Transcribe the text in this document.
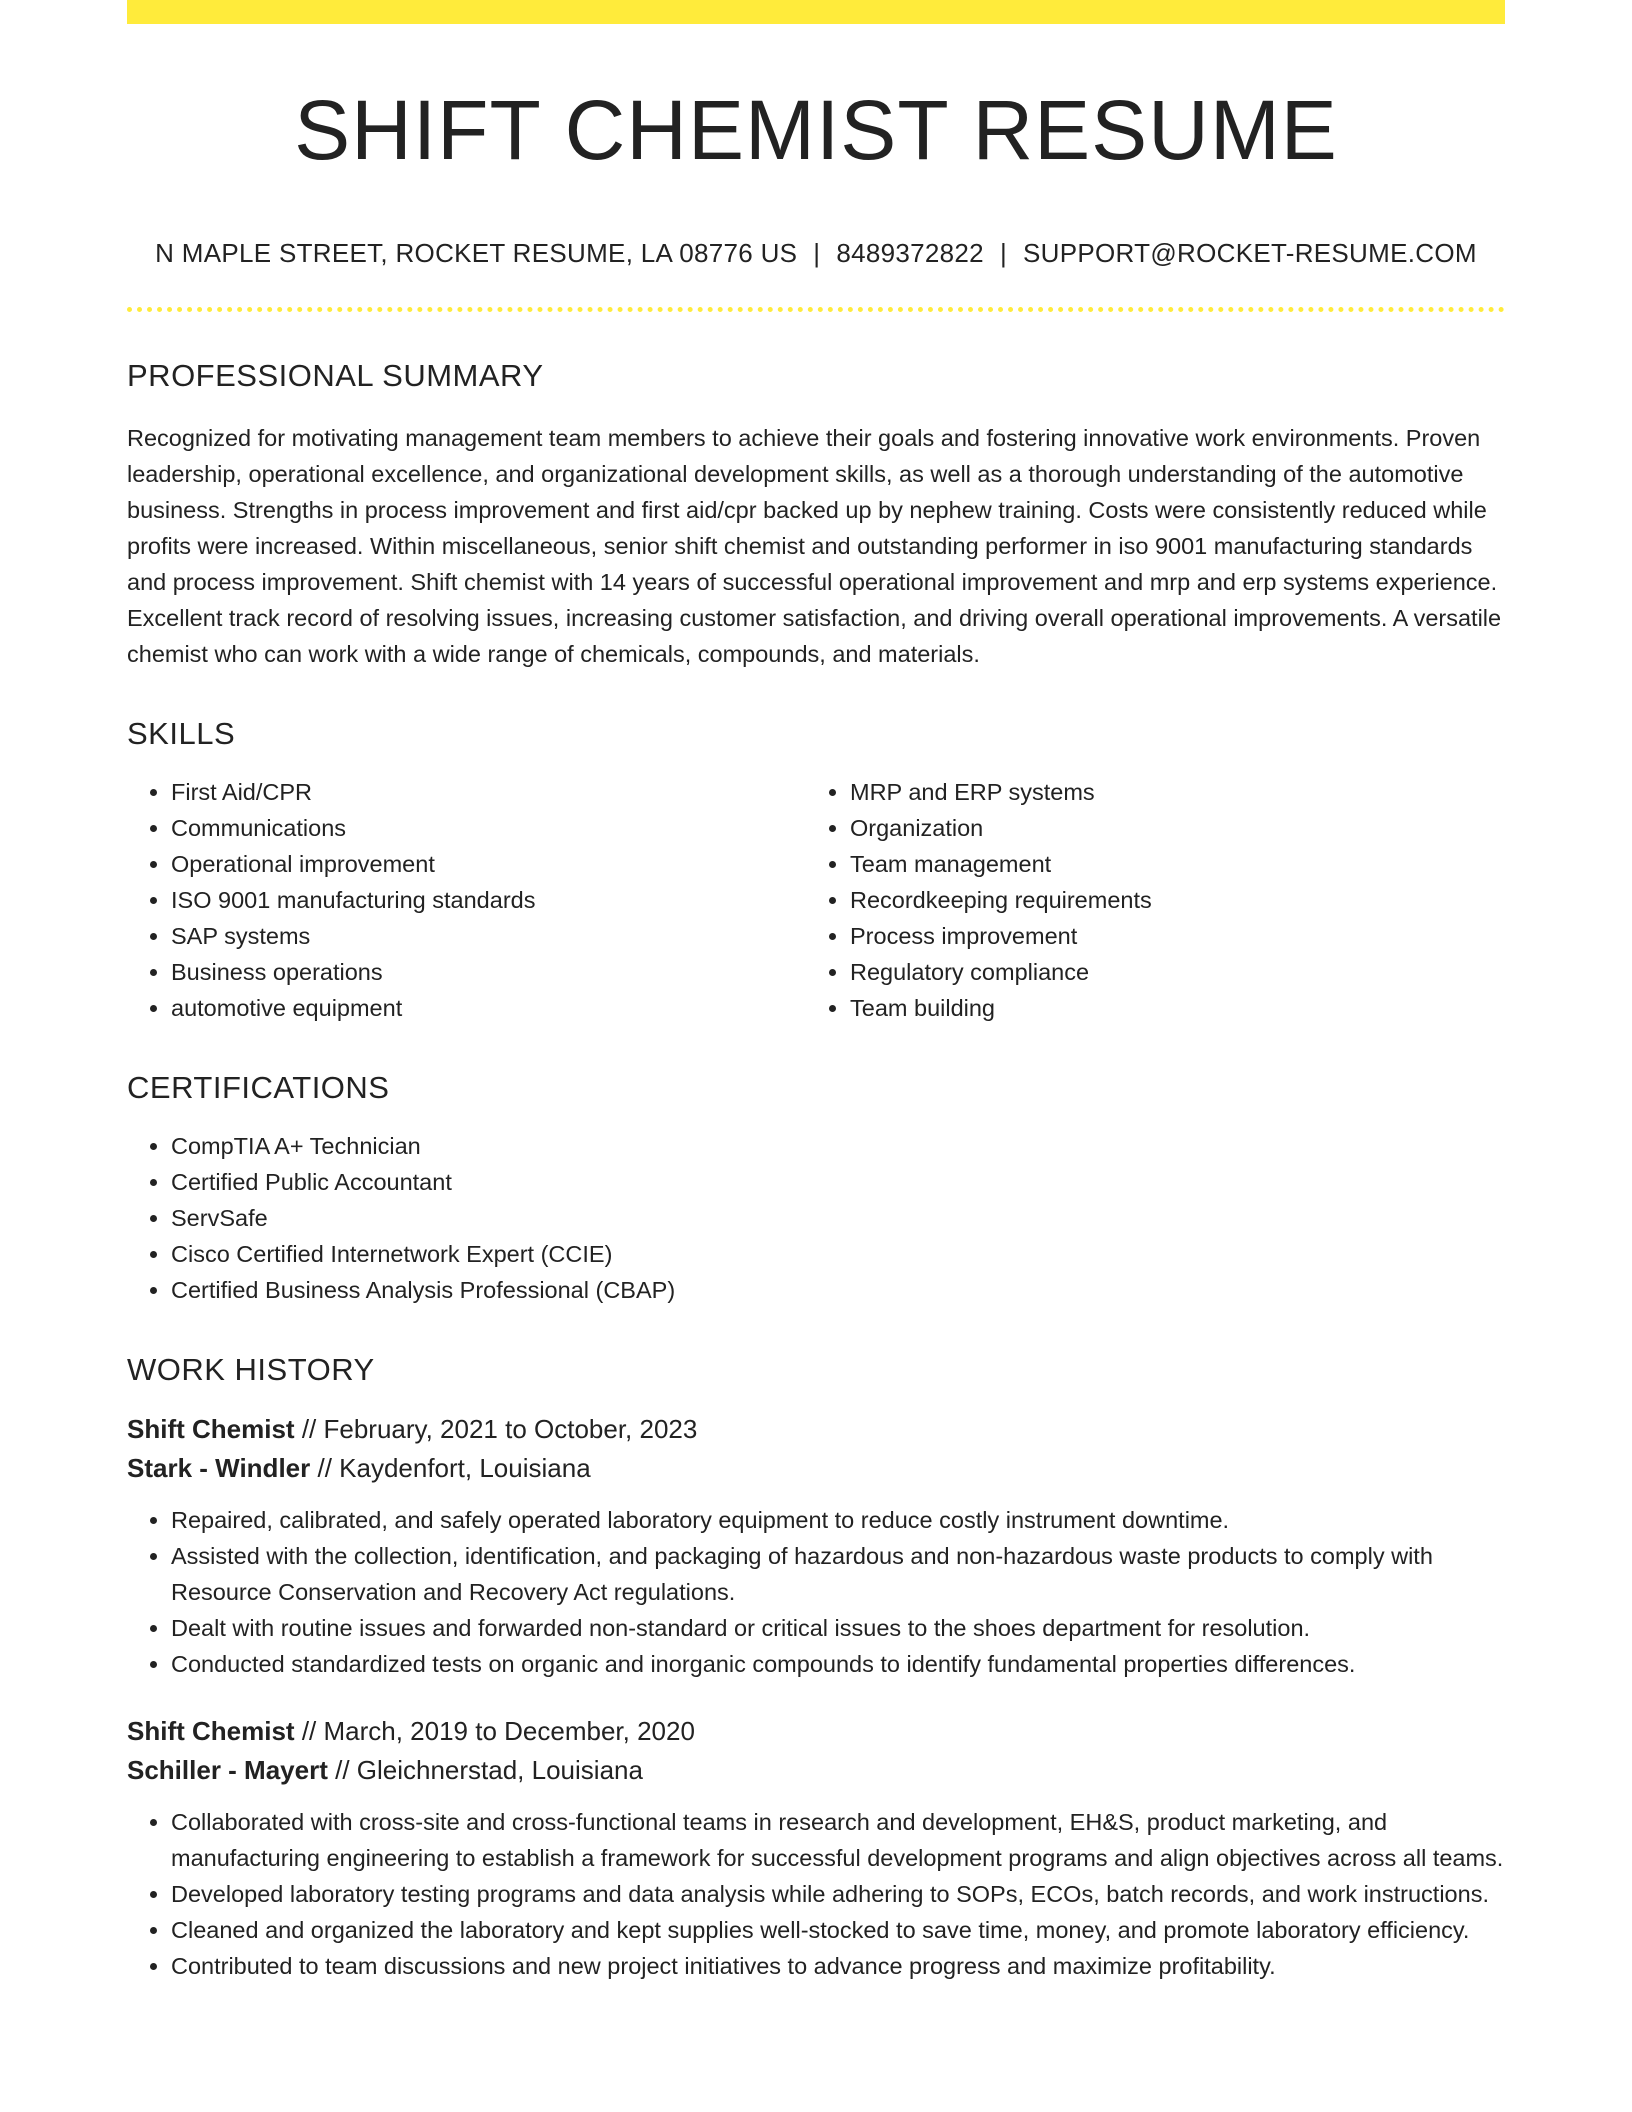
SHIFT CHEMIST RESUME
N MAPLE STREET, ROCKET RESUME, LA 08776 US | 8489372822 | SUPPORT@ROCKET-RESUME.COM
PROFESSIONAL SUMMARY
Recognized for motivating management team members to achieve their goals and fostering innovative work environments. Proven leadership, operational excellence, and organizational development skills, as well as a thorough understanding of the automotive business. Strengths in process improvement and first aid/cpr backed up by nephew training. Costs were consistently reduced while profits were increased. Within miscellaneous, senior shift chemist and outstanding performer in iso 9001 manufacturing standards and process improvement. Shift chemist with 14 years of successful operational improvement and mrp and erp systems experience. Excellent track record of resolving issues, increasing customer satisfaction, and driving overall operational improvements. A versatile chemist who can work with a wide range of chemicals, compounds, and materials.
SKILLS
• First Aid/CPR
• Communications
• Operational improvement
• ISO 9001 manufacturing standards
• SAP systems
• Business operations
• automotive equipment
• MRP and ERP systems
• Organization
• Team management
• Recordkeeping requirements
• Process improvement
• Regulatory compliance
• Team building
CERTIFICATIONS
• CompTIA A+ Technician
• Certified Public Accountant
• ServSafe
• Cisco Certified Internetwork Expert (CCIE)
• Certified Business Analysis Professional (CBAP)
WORK HISTORY
Shift Chemist // February, 2021 to October, 2023
Stark - Windler // Kaydenfort, Louisiana
• Repaired, calibrated, and safely operated laboratory equipment to reduce costly instrument downtime.
• Assisted with the collection, identification, and packaging of hazardous and non-hazardous waste products to comply with Resource Conservation and Recovery Act regulations.
• Dealt with routine issues and forwarded non-standard or critical issues to the shoes department for resolution.
• Conducted standardized tests on organic and inorganic compounds to identify fundamental properties differences.
Shift Chemist // March, 2019 to December, 2020
Schiller - Mayert // Gleichnerstad, Louisiana
• Collaborated with cross-site and cross-functional teams in research and development, EH&S, product marketing, and manufacturing engineering to establish a framework for successful development programs and align objectives across all teams.
• Developed laboratory testing programs and data analysis while adhering to SOPs, ECOs, batch records, and work instructions.
• Cleaned and organized the laboratory and kept supplies well-stocked to save time, money, and promote laboratory efficiency.
• Contributed to team discussions and new project initiatives to advance progress and maximize profitability.
